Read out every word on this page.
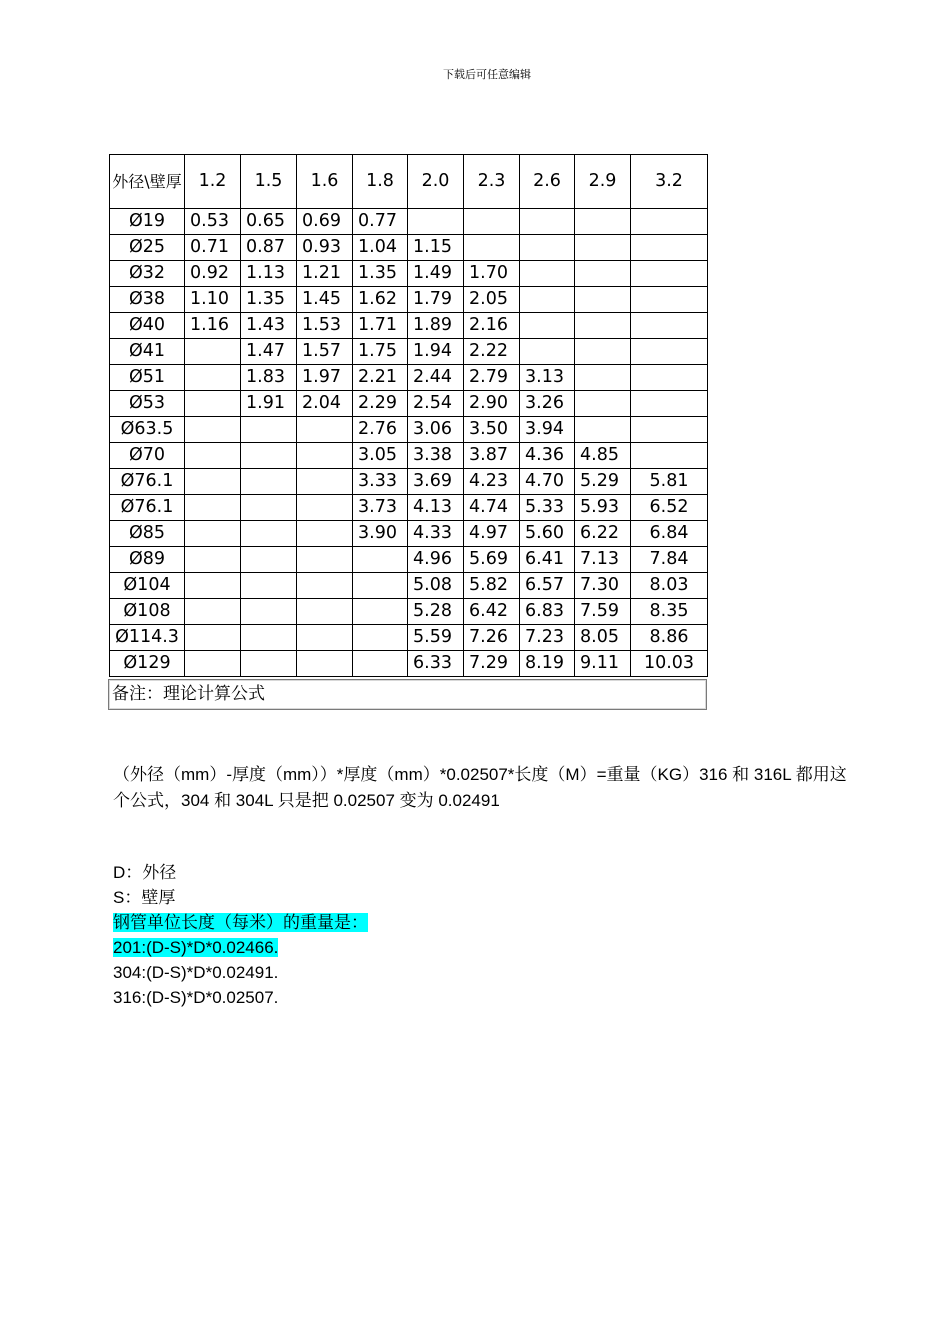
下载后可任意编辑
外径\壁厚	1.2	1.5	1.6	1.8	2.0	2.3	2.6	2.9	3.2
Ø19	0.53	0.65	0.69	0.77					
Ø25	0.71	0.87	0.93	1.04	1.15				
Ø32	0.92	1.13	1.21	1.35	1.49	1.70			
Ø38	1.10	1.35	1.45	1.62	1.79	2.05			
Ø40	1.16	1.43	1.53	1.71	1.89	2.16			
Ø41		1.47	1.57	1.75	1.94	2.22			
Ø51		1.83	1.97	2.21	2.44	2.79	3.13		
Ø53		1.91	2.04	2.29	2.54	2.90	3.26		
Ø63.5				2.76	3.06	3.50	3.94		
Ø70				3.05	3.38	3.87	4.36	4.85	
Ø76.1				3.33	3.69	4.23	4.70	5.29	5.81
Ø76.1				3.73	4.13	4.74	5.33	5.93	6.52
Ø85				3.90	4.33	4.97	5.60	6.22	6.84
Ø89					4.96	5.69	6.41	7.13	7.84
Ø104					5.08	5.82	6.57	7.30	8.03
Ø108					5.28	6.42	6.83	7.59	8.35
Ø114.3					5.59	7.26	7.23	8.05	8.86
Ø129					6.33	7.29	8.19	9.11	10.03
备注：理论计算公式
（外径（mm）-厚度（mm））*厚度（mm）*0.02507*长度（M）=重量（KG）316 和 316L 都用这个公式，304 和 304L 只是把 0.02507 变为 0.02491
D：外径
S：壁厚
钢管单位长度（每米）的重量是：
201:(D-S)*D*0.02466.
304:(D-S)*D*0.02491.
316:(D-S)*D*0.02507.
